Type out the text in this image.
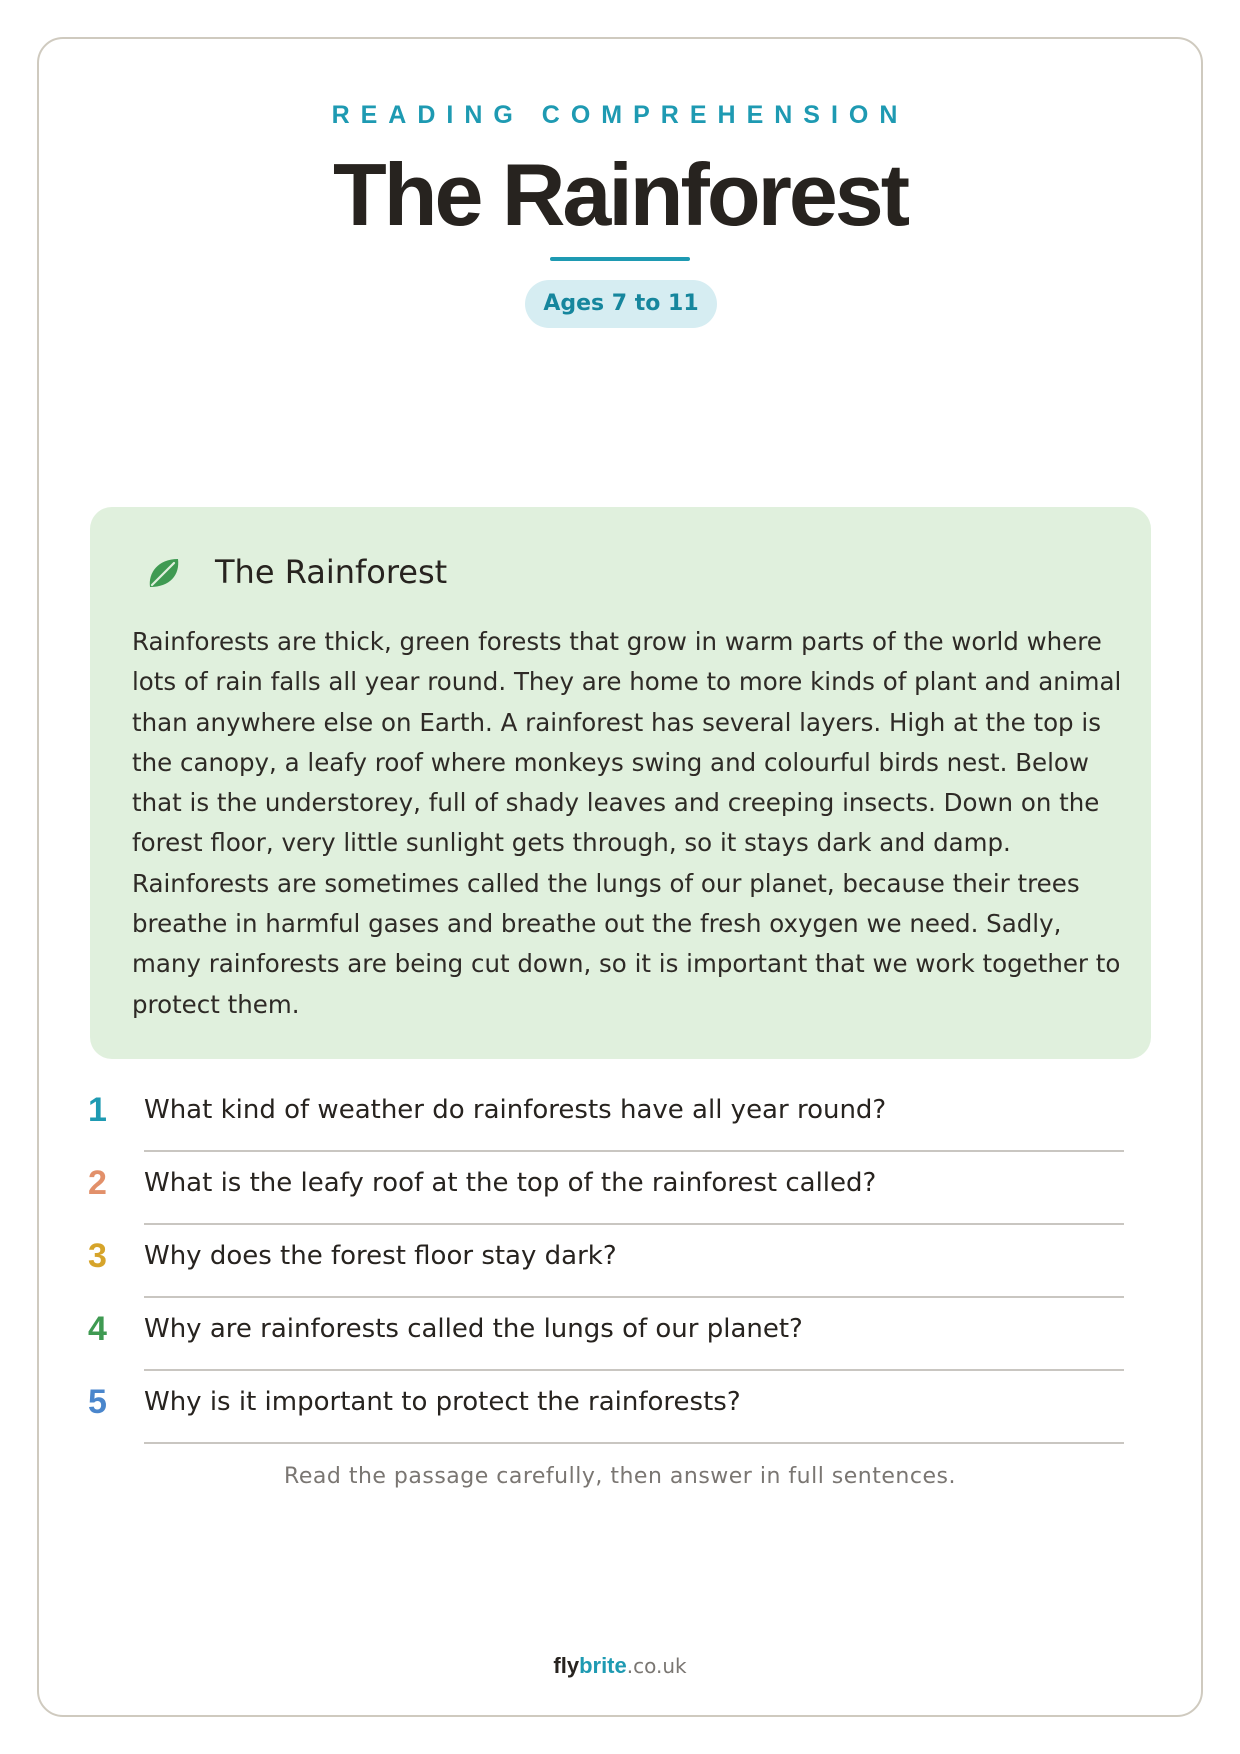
READING COMPREHENSION
The Rainforest
Ages 7 to 11
The Rainforest

Rainforests are thick, green forests that grow in warm parts of the world where lots of rain falls all year round. They are home to more kinds of plant and animal than anywhere else on Earth. A rainforest has several layers. High at the top is the canopy, a leafy roof where monkeys swing and colourful birds nest. Below that is the understorey, full of shady leaves and creeping insects. Down on the forest floor, very little sunlight gets through, so it stays dark and damp. Rainforests are sometimes called the lungs of our planet, because their trees breathe in harmful gases and breathe out the fresh oxygen we need. Sadly, many rainforests are being cut down, so it is important that we work together to protect them.

1	What kind of weather do rainforests have all year round?
2	What is the leafy roof at the top of the rainforest called?
3	Why does the forest floor stay dark?
4	Why are rainforests called the lungs of our planet?
5	Why is it important to protect the rainforests?
Read the passage carefully, then answer in full sentences.
flybrite.co.uk
